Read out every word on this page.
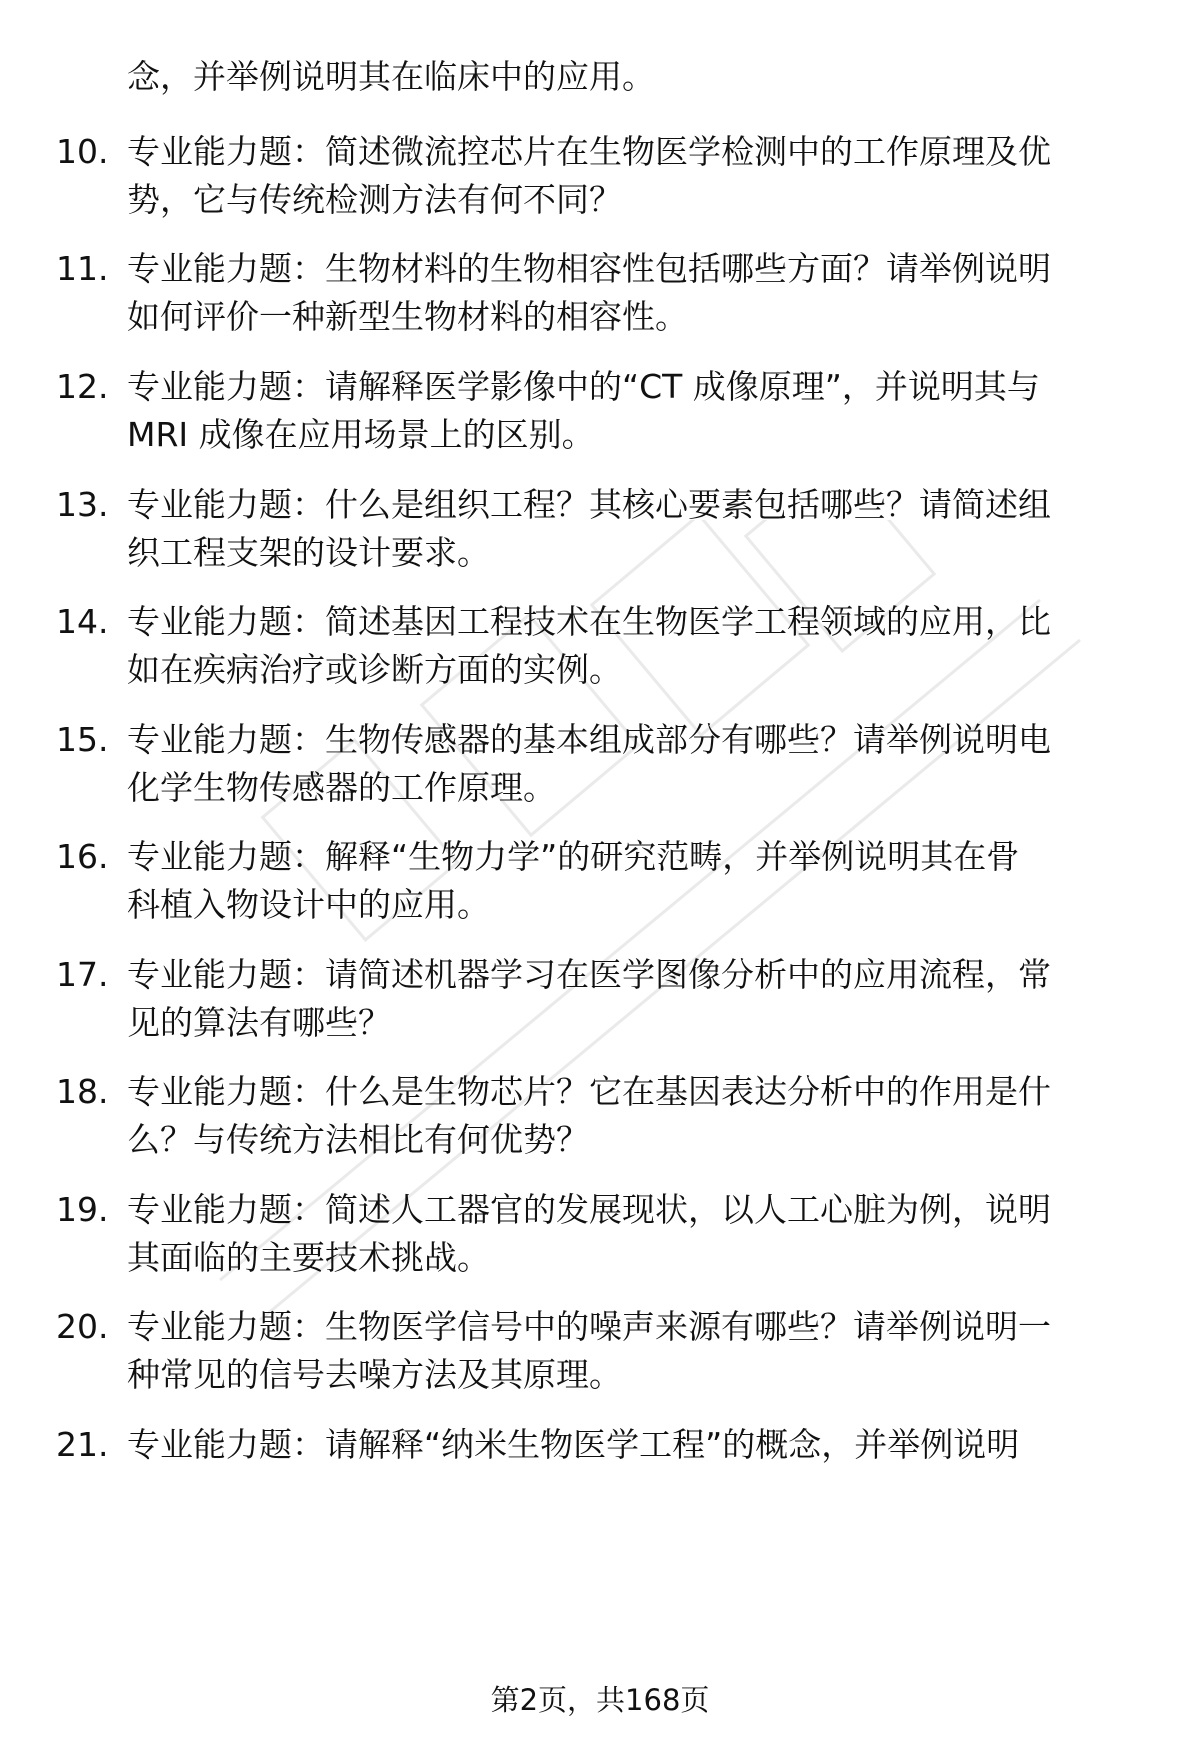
念，并举例说明其在临床中的应用。
10. 专业能力题：简述微流控芯片在生物医学检测中的工作原理及优
势，它与传统检测方法有何不同？
11. 专业能力题：生物材料的生物相容性包括哪些方面？请举例说明
如何评价一种新型生物材料的相容性。
12. 专业能力题：请解释医学影像中的“CT 成像原理”，并说明其与
MRI 成像在应用场景上的区别。
13. 专业能力题：什么是组织工程？其核心要素包括哪些？请简述组
织工程支架的设计要求。
14. 专业能力题：简述基因工程技术在生物医学工程领域的应用，比
如在疾病治疗或诊断方面的实例。
15. 专业能力题：生物传感器的基本组成部分有哪些？请举例说明电
化学生物传感器的工作原理。
16. 专业能力题：解释“生物力学”的研究范畴，并举例说明其在骨
科植入物设计中的应用。
17. 专业能力题：请简述机器学习在医学图像分析中的应用流程，常
见的算法有哪些？
18. 专业能力题：什么是生物芯片？它在基因表达分析中的作用是什
么？与传统方法相比有何优势？
19. 专业能力题：简述人工器官的发展现状，以人工心脏为例，说明
其面临的主要技术挑战。
20. 专业能力题：生物医学信号中的噪声来源有哪些？请举例说明一
种常见的信号去噪方法及其原理。
21. 专业能力题：请解释“纳米生物医学工程”的概念，并举例说明
第2页，共168页
